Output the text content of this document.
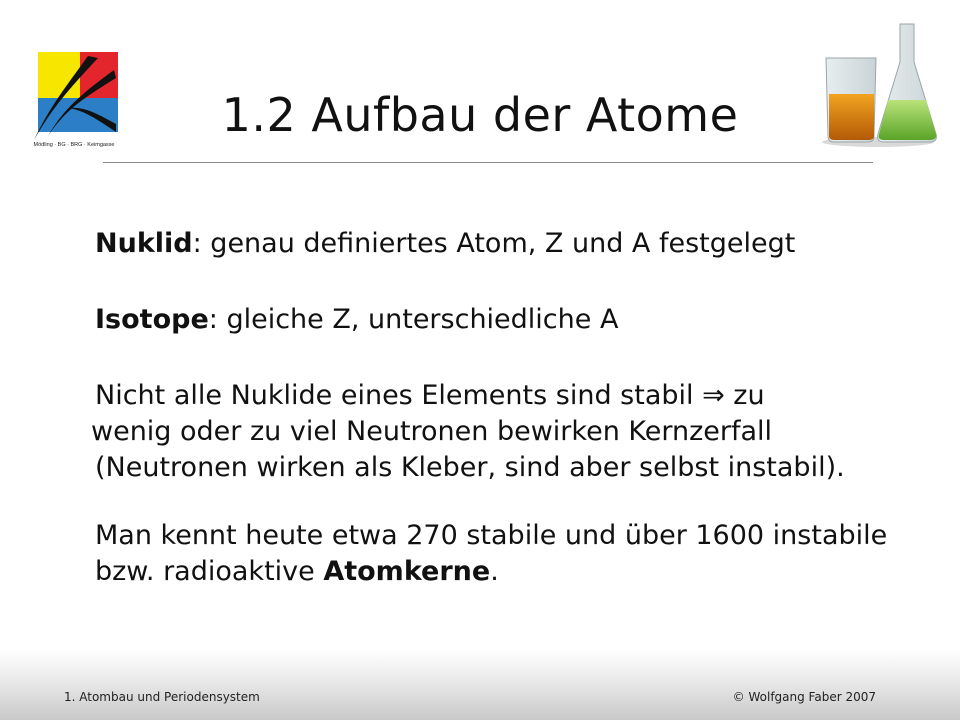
Mödling · BG · BRG · Keimgasse
1.2 Aufbau der Atome

Nuklid: genau definiertes Atom, Z und A festgelegt

Isotope: gleiche Z, unterschiedliche A

Nicht alle Nuklide eines Elements sind stabil ⇒ zu
wenig oder zu viel Neutronen bewirken Kernzerfall (Neutronen wirken als Kleber, sind aber selbst instabil).

Man kennt heute etwa 270 stabile und über 1600 instabile bzw. radioaktive Atomkerne.

1. Atombau und Periodensystem	© Wolfgang Faber 2007
